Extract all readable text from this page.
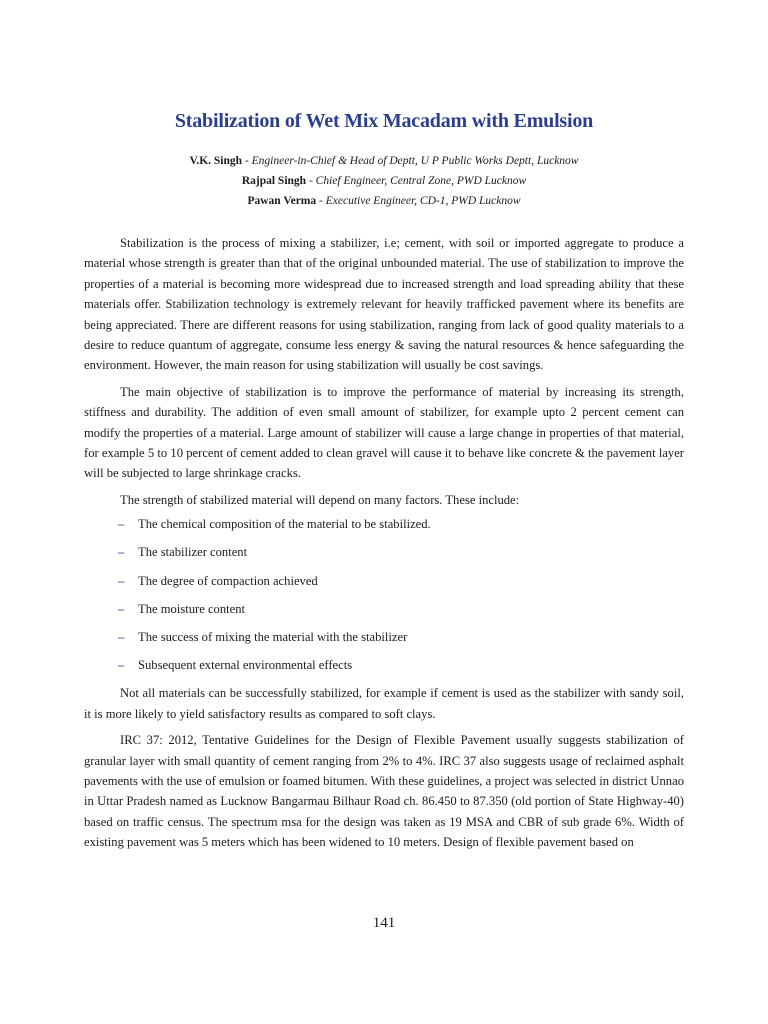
Stabilization of Wet Mix Macadam with Emulsion
V.K. Singh - Engineer-in-Chief & Head of Deptt, U P Public Works Deptt, Lucknow
Rajpal Singh - Chief Engineer, Central Zone, PWD Lucknow
Pawan Verma - Executive Engineer, CD-1, PWD Lucknow

Stabilization is the process of mixing a stabilizer, i.e; cement, with soil or imported aggregate to produce a material whose strength is greater than that of the original unbounded material. The use of stabilization to improve the properties of a material is becoming more widespread due to increased strength and load spreading ability that these materials offer. Stabilization technology is extremely relevant for heavily trafficked pavement where its benefits are being appreciated. There are different reasons for using stabilization, ranging from lack of good quality materials to a desire to reduce quantum of aggregate, consume less energy & saving the natural resources & hence safeguarding the environment. However, the main reason for using stabilization will usually be cost savings.

The main objective of stabilization is to improve the performance of material by increasing its strength, stiffness and durability. The addition of even small amount of stabilizer, for example upto 2 percent cement can modify the properties of a material. Large amount of stabilizer will cause a large change in properties of that material, for example 5 to 10 percent of cement added to clean gravel will cause it to behave like concrete & the pavement layer will be subjected to large shrinkage cracks.

The strength of stabilized material will depend on many factors. These include:

–	The chemical composition of the material to be stabilized.
–	The stabilizer content
–	The degree of compaction achieved
–	The moisture content
–	The success of mixing the material with the stabilizer
–	Subsequent external environmental effects

Not all materials can be successfully stabilized, for example if cement is used as the stabilizer with sandy soil, it is more likely to yield satisfactory results as compared to soft clays.

IRC 37: 2012, Tentative Guidelines for the Design of Flexible Pavement usually suggests stabilization of granular layer with small quantity of cement ranging from 2% to 4%. IRC 37 also suggests usage of reclaimed asphalt pavements with the use of emulsion or foamed bitumen. With these guidelines, a project was selected in district Unnao in Uttar Pradesh named as Lucknow Bangarmau Bilhaur Road ch. 86.450 to 87.350 (old portion of State Highway-40) based on traffic census. The spectrum msa for the design was taken as 19 MSA and CBR of sub grade 6%. Width of existing pavement was 5 meters which has been widened to 10 meters. Design of flexible pavement based on

141
